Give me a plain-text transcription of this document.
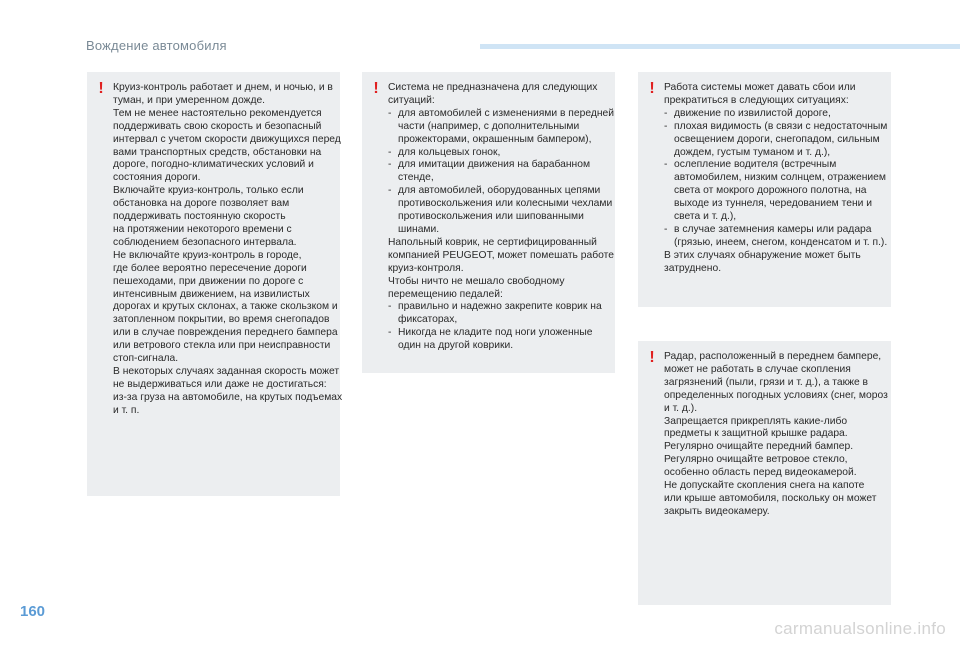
Вождение автомобиля
! Круиз-контроль работает и днем, и ночью, и в
туман, и при умеренном дожде.
Тем не менее настоятельно рекомендуется
поддерживать свою скорость и безопасный
интервал с учетом скорости движущихся перед
вами транспортных средств, обстановки на
дороге, погодно-климатических условий и
состояния дороги.
Включайте круиз-контроль, только если
обстановка на дороге позволяет вам
поддерживать постоянную скорость
на протяжении некоторого времени с
соблюдением безопасного интервала.
Не включайте круиз-контроль в городе,
где более вероятно пересечение дороги
пешеходами, при движении по дороге с
интенсивным движением, на извилистых
дорогах и крутых склонах, а также скользком и
затопленном покрытии, во время снегопадов
или в случае повреждения переднего бампера
или ветрового стекла или при неисправности
стоп-сигнала.
В некоторых случаях заданная скорость может
не выдерживаться или даже не достигаться:
из-за груза на автомобиле, на крутых подъемах
и т. п.
! Система не предназначена для следующих
ситуаций:
- для автомобилей с изменениями в передней
части (например, с дополнительными
прожекторами, окрашенным бампером),
- для кольцевых гонок,
- для имитации движения на барабанном
стенде,
- для автомобилей, оборудованных цепями
противоскольжения или колесными чехлами
противоскольжения или шипованными
шинами.
Напольный коврик, не сертифицированный
компанией PEUGEOT, может помешать работе
круиз-контроля.
Чтобы ничто не мешало свободному
перемещению педалей:
- правильно и надежно закрепите коврик на
фиксаторах,
- Никогда не кладите под ноги уложенные
один на другой коврики.
! Работа системы может давать сбои или
прекратиться в следующих ситуациях:
- движение по извилистой дороге,
- плохая видимость (в связи с недостаточным
освещением дороги, снегопадом, сильным
дождем, густым туманом и т. д.),
- ослепление водителя (встречным
автомобилем, низким солнцем, отражением
света от мокрого дорожного полотна, на
выходе из туннеля, чередованием тени и
света и т. д.),
- в случае затемнения камеры или радара
(грязью, инеем, снегом, конденсатом и т. п.).
В этих случаях обнаружение может быть
затруднено.
! Радар, расположенный в переднем бампере,
может не работать в случае скопления
загрязнений (пыли, грязи и т. д.), а также в
определенных погодных условиях (снег, мороз
и т. д.).
Запрещается прикреплять какие-либо
предметы к защитной крышке радара.
Регулярно очищайте передний бампер.
Регулярно очищайте ветровое стекло,
особенно область перед видеокамерой.
Не допускайте скопления снега на капоте
или крыше автомобиля, поскольку он может
закрыть видеокамеру.
160
carmanualsonline.info
